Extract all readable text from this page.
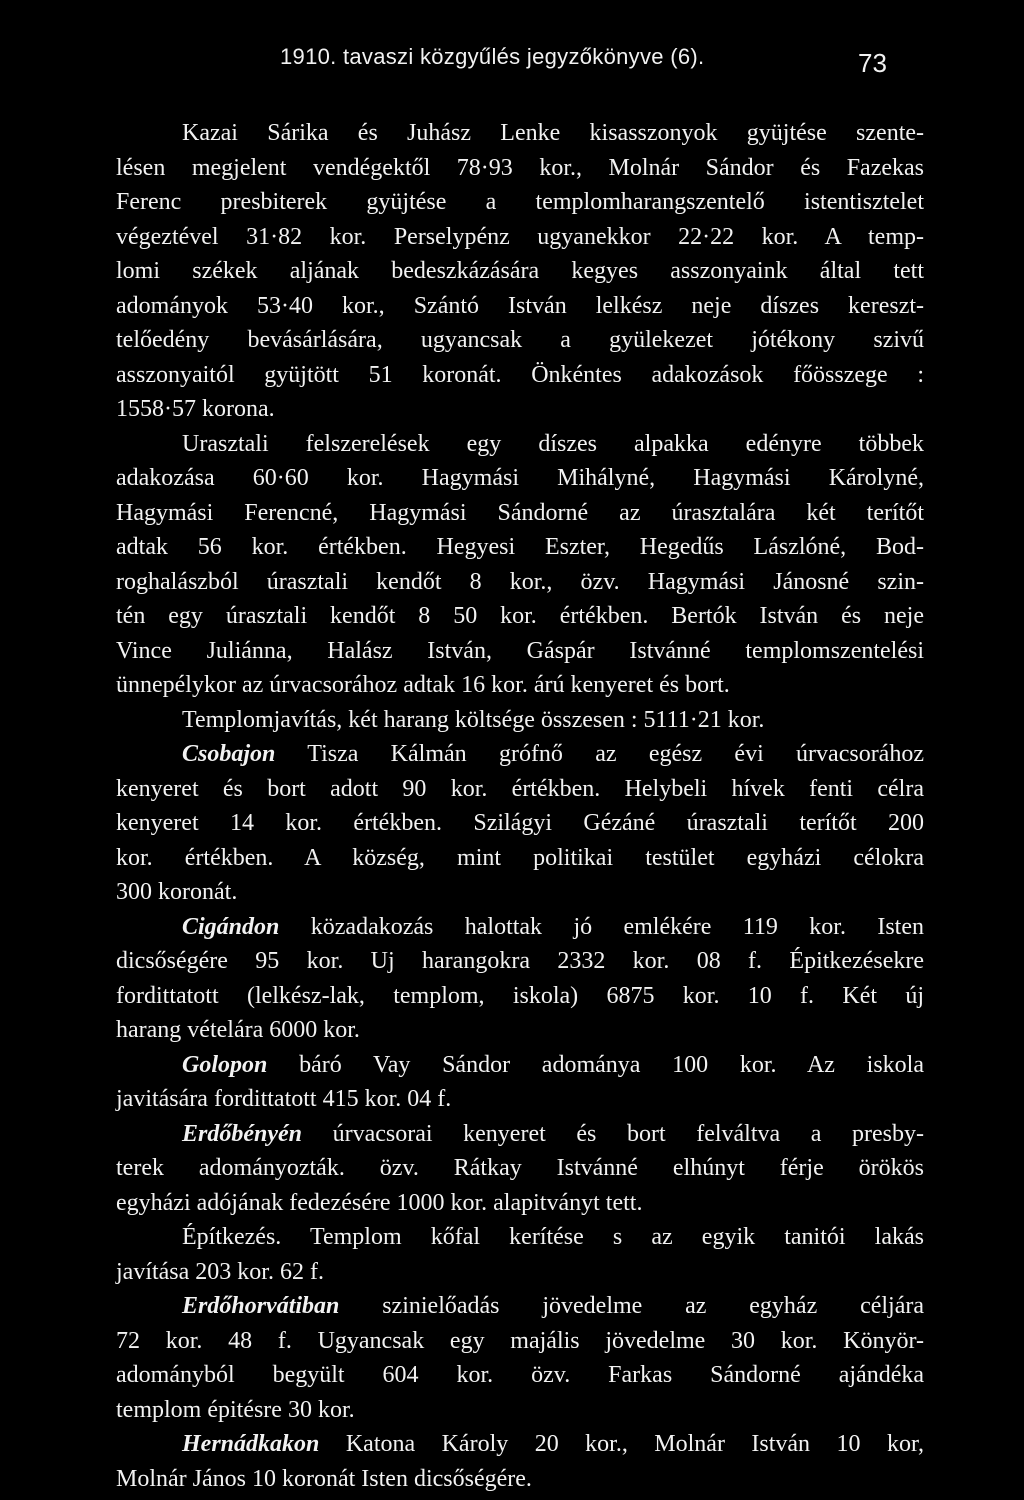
1910. tavaszi közgyűlés jegyzőkönyve (6).	73
Kazai Sárika és Juhász Lenke kisasszonyok gyüjtése szente-
lésen megjelent vendégektől 78·93 kor., Molnár Sándor és Fazekas
Ferenc presbiterek gyüjtése a templomharangszentelő istentisztelet
végeztével 31·82 kor. Perselypénz ugyanekkor 22·22 kor. A temp-
lomi székek aljának bedeszkázására kegyes asszonyaink által tett
adományok 53·40 kor., Szántó István lelkész neje díszes kereszt-
telőedény bevásárlására, ugyancsak a gyülekezet jótékony szivű
asszonyaitól gyüjtött 51 koronát. Önkéntes adakozások főösszege :
1558·57 korona.
Urasztali felszerelések egy díszes alpakka edényre többek
adakozása 60·60 kor. Hagymási Mihályné, Hagymási Károlyné,
Hagymási Ferencné, Hagymási Sándorné az úrasztalára két terítőt
adtak 56 kor. értékben. Hegyesi Eszter, Hegedűs Lászlóné, Bod-
roghalászból úrasztali kendőt 8 kor., özv. Hagymási Jánosné szin-
tén egy úrasztali kendőt 8 50 kor. értékben. Bertók István és neje
Vince Juliánna, Halász István, Gáspár Istvánné templomszentelési
ünnepélykor az úrvacsorához adtak 16 kor. árú kenyeret és bort.
Templomjavítás, két harang költsége összesen : 5111·21 kor.
Csobajon Tisza Kálmán grófnő az egész évi úrvacsorához
kenyeret és bort adott 90 kor. értékben. Helybeli hívek fenti célra
kenyeret 14 kor. értékben. Szilágyi Gézáné úrasztali terítőt 200
kor. értékben. A község, mint politikai testület egyházi célokra
300 koronát.
Cigándon közadakozás halottak jó emlékére 119 kor. Isten
dicsőségére 95 kor. Uj harangokra 2332 kor. 08 f. Épitkezésekre
fordittatott (lelkész-lak, templom, iskola) 6875 kor. 10 f. Két új
harang vételára 6000 kor.
Golopon báró Vay Sándor adománya 100 kor. Az iskola
javitására fordittatott 415 kor. 04 f.
Erdőbényén úrvacsorai kenyeret és bort felváltva a presby-
terek adományozták. özv. Rátkay Istvánné elhúnyt férje örökös
egyházi adójának fedezésére 1000 kor. alapitványt tett.
Építkezés. Templom kőfal kerítése s az egyik tanitói lakás
javítása 203 kor. 62 f.
Erdőhorvátiban szinielőadás jövedelme az egyház céljára
72 kor. 48 f. Ugyancsak egy majális jövedelme 30 kor. Könyör-
adományból begyült 604 kor. özv. Farkas Sándorné ajándéka
templom épitésre 30 kor.
Hernádkakon Katona Károly 20 kor., Molnár István 10 kor,
Molnár János 10 koronát Isten dicsőségére.
